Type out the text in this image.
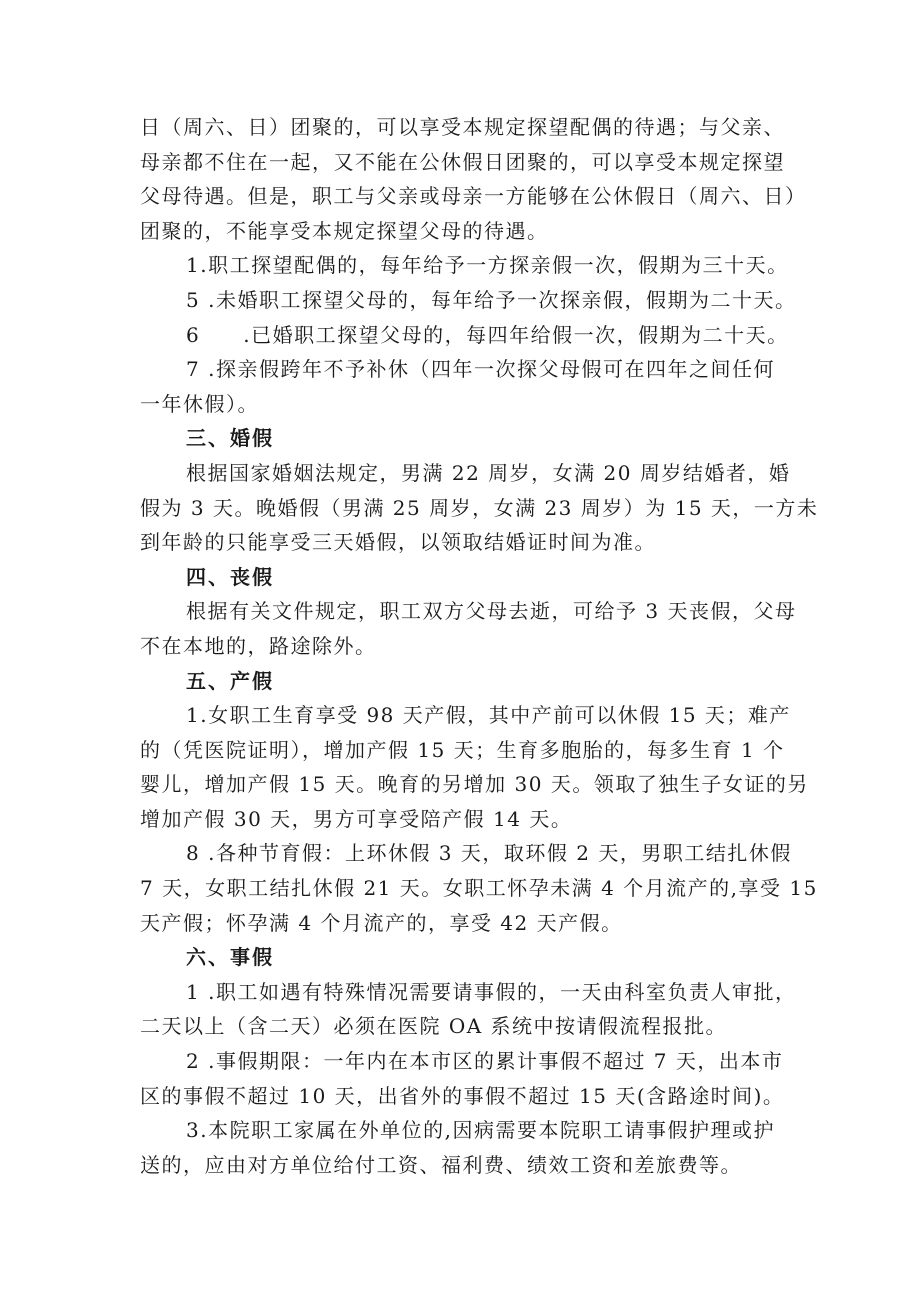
日（周六、日）团聚的，可以享受本规定探望配偶的待遇；与父亲、
母亲都不住在一起，又不能在公休假日团聚的，可以享受本规定探望
父母待遇。但是，职工与父亲或母亲一方能够在公休假日（周六、日）
团聚的，不能享受本规定探望父母的待遇。
1.职工探望配偶的，每年给予一方探亲假一次，假期为三十天。
5 .未婚职工探望父母的，每年给予一次探亲假，假期为二十天。
6　　.已婚职工探望父母的，每四年给假一次，假期为二十天。
7 .探亲假跨年不予补休（四年一次探父母假可在四年之间任何
一年休假）。
三、婚假
根据国家婚姻法规定，男满 22 周岁，女满 20 周岁结婚者，婚
假为 3 天。晚婚假（男满 25 周岁，女满 23 周岁）为 15 天，一方未
到年龄的只能享受三天婚假，以领取结婚证时间为准。
四、丧假
根据有关文件规定，职工双方父母去逝，可给予 3 天丧假，父母
不在本地的，路途除外。
五、产假
1.女职工生育享受 98 天产假，其中产前可以休假 15 天；难产
的（凭医院证明），增加产假 15 天；生育多胞胎的，每多生育 1 个
婴儿，增加产假 15 天。晚育的另增加 30 天。领取了独生子女证的另
增加产假 30 天，男方可享受陪产假 14 天。
8 .各种节育假：上环休假 3 天，取环假 2 天，男职工结扎休假
7 天，女职工结扎休假 21 天。女职工怀孕未满 4 个月流产的,享受 15
天产假；怀孕满 4 个月流产的，享受 42 天产假。
六、事假
1 .职工如遇有特殊情况需要请事假的，一天由科室负责人审批，
二天以上（含二天）必须在医院 OA 系统中按请假流程报批。
2 .事假期限：一年内在本市区的累计事假不超过 7 天，出本市
区的事假不超过 10 天，出省外的事假不超过 15 天(含路途时间)。
3.本院职工家属在外单位的,因病需要本院职工请事假护理或护
送的，应由对方单位给付工资、福利费、绩效工资和差旅费等。
